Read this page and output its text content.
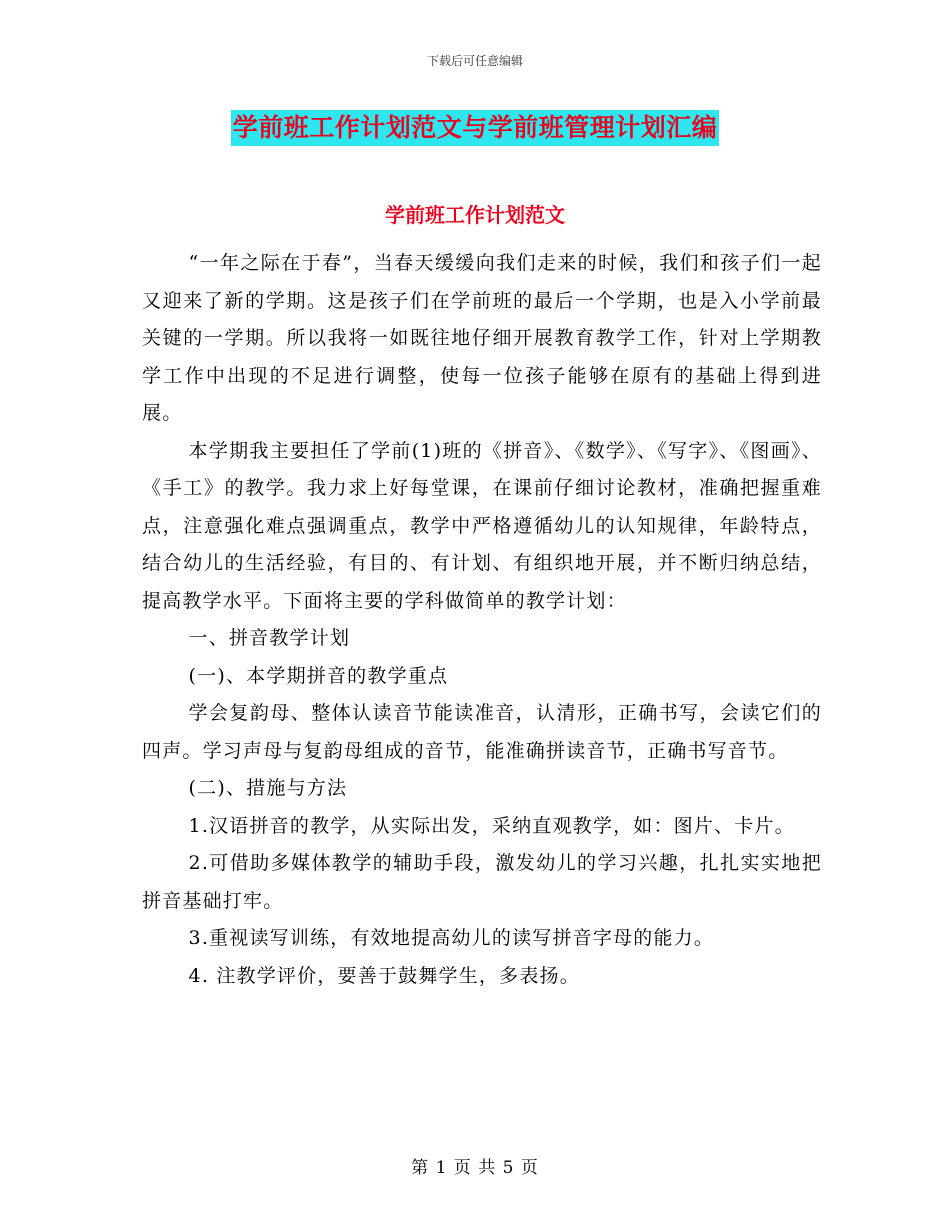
下载后可任意编辑
学前班工作计划范文与学前班管理计划汇编
学前班工作计划范文

“一年之际在于春”，当春天缓缓向我们走来的时候，我们和孩子们一起又迎来了新的学期。这是孩子们在学前班的最后一个学期，也是入小学前最关键的一学期。所以我将一如既往地仔细开展教育教学工作，针对上学期教学工作中出现的不足进行调整，使每一位孩子能够在原有的基础上得到进展。

本学期我主要担任了学前(1)班的《拼音》、《数学》、《写字》、《图画》、《手工》的教学。我力求上好每堂课，在课前仔细讨论教材，准确把握重难点，注意强化难点强调重点，教学中严格遵循幼儿的认知规律，年龄特点，结合幼儿的生活经验，有目的、有计划、有组织地开展，并不断归纳总结，提高教学水平。下面将主要的学科做简单的教学计划：

一、拼音教学计划

(一)、本学期拼音的教学重点

学会复韵母、整体认读音节能读准音，认清形，正确书写，会读它们的四声。学习声母与复韵母组成的音节，能准确拼读音节，正确书写音节。

(二)、措施与方法

1.汉语拼音的教学，从实际出发，采纳直观教学，如：图片、卡片。

2.可借助多媒体教学的辅助手段，激发幼儿的学习兴趣，扎扎实实地把拼音基础打牢。

3.重视读写训练，有效地提高幼儿的读写拼音字母的能力。

4. 注教学评价，要善于鼓舞学生，多表扬。

第 1 页 共 5 页
